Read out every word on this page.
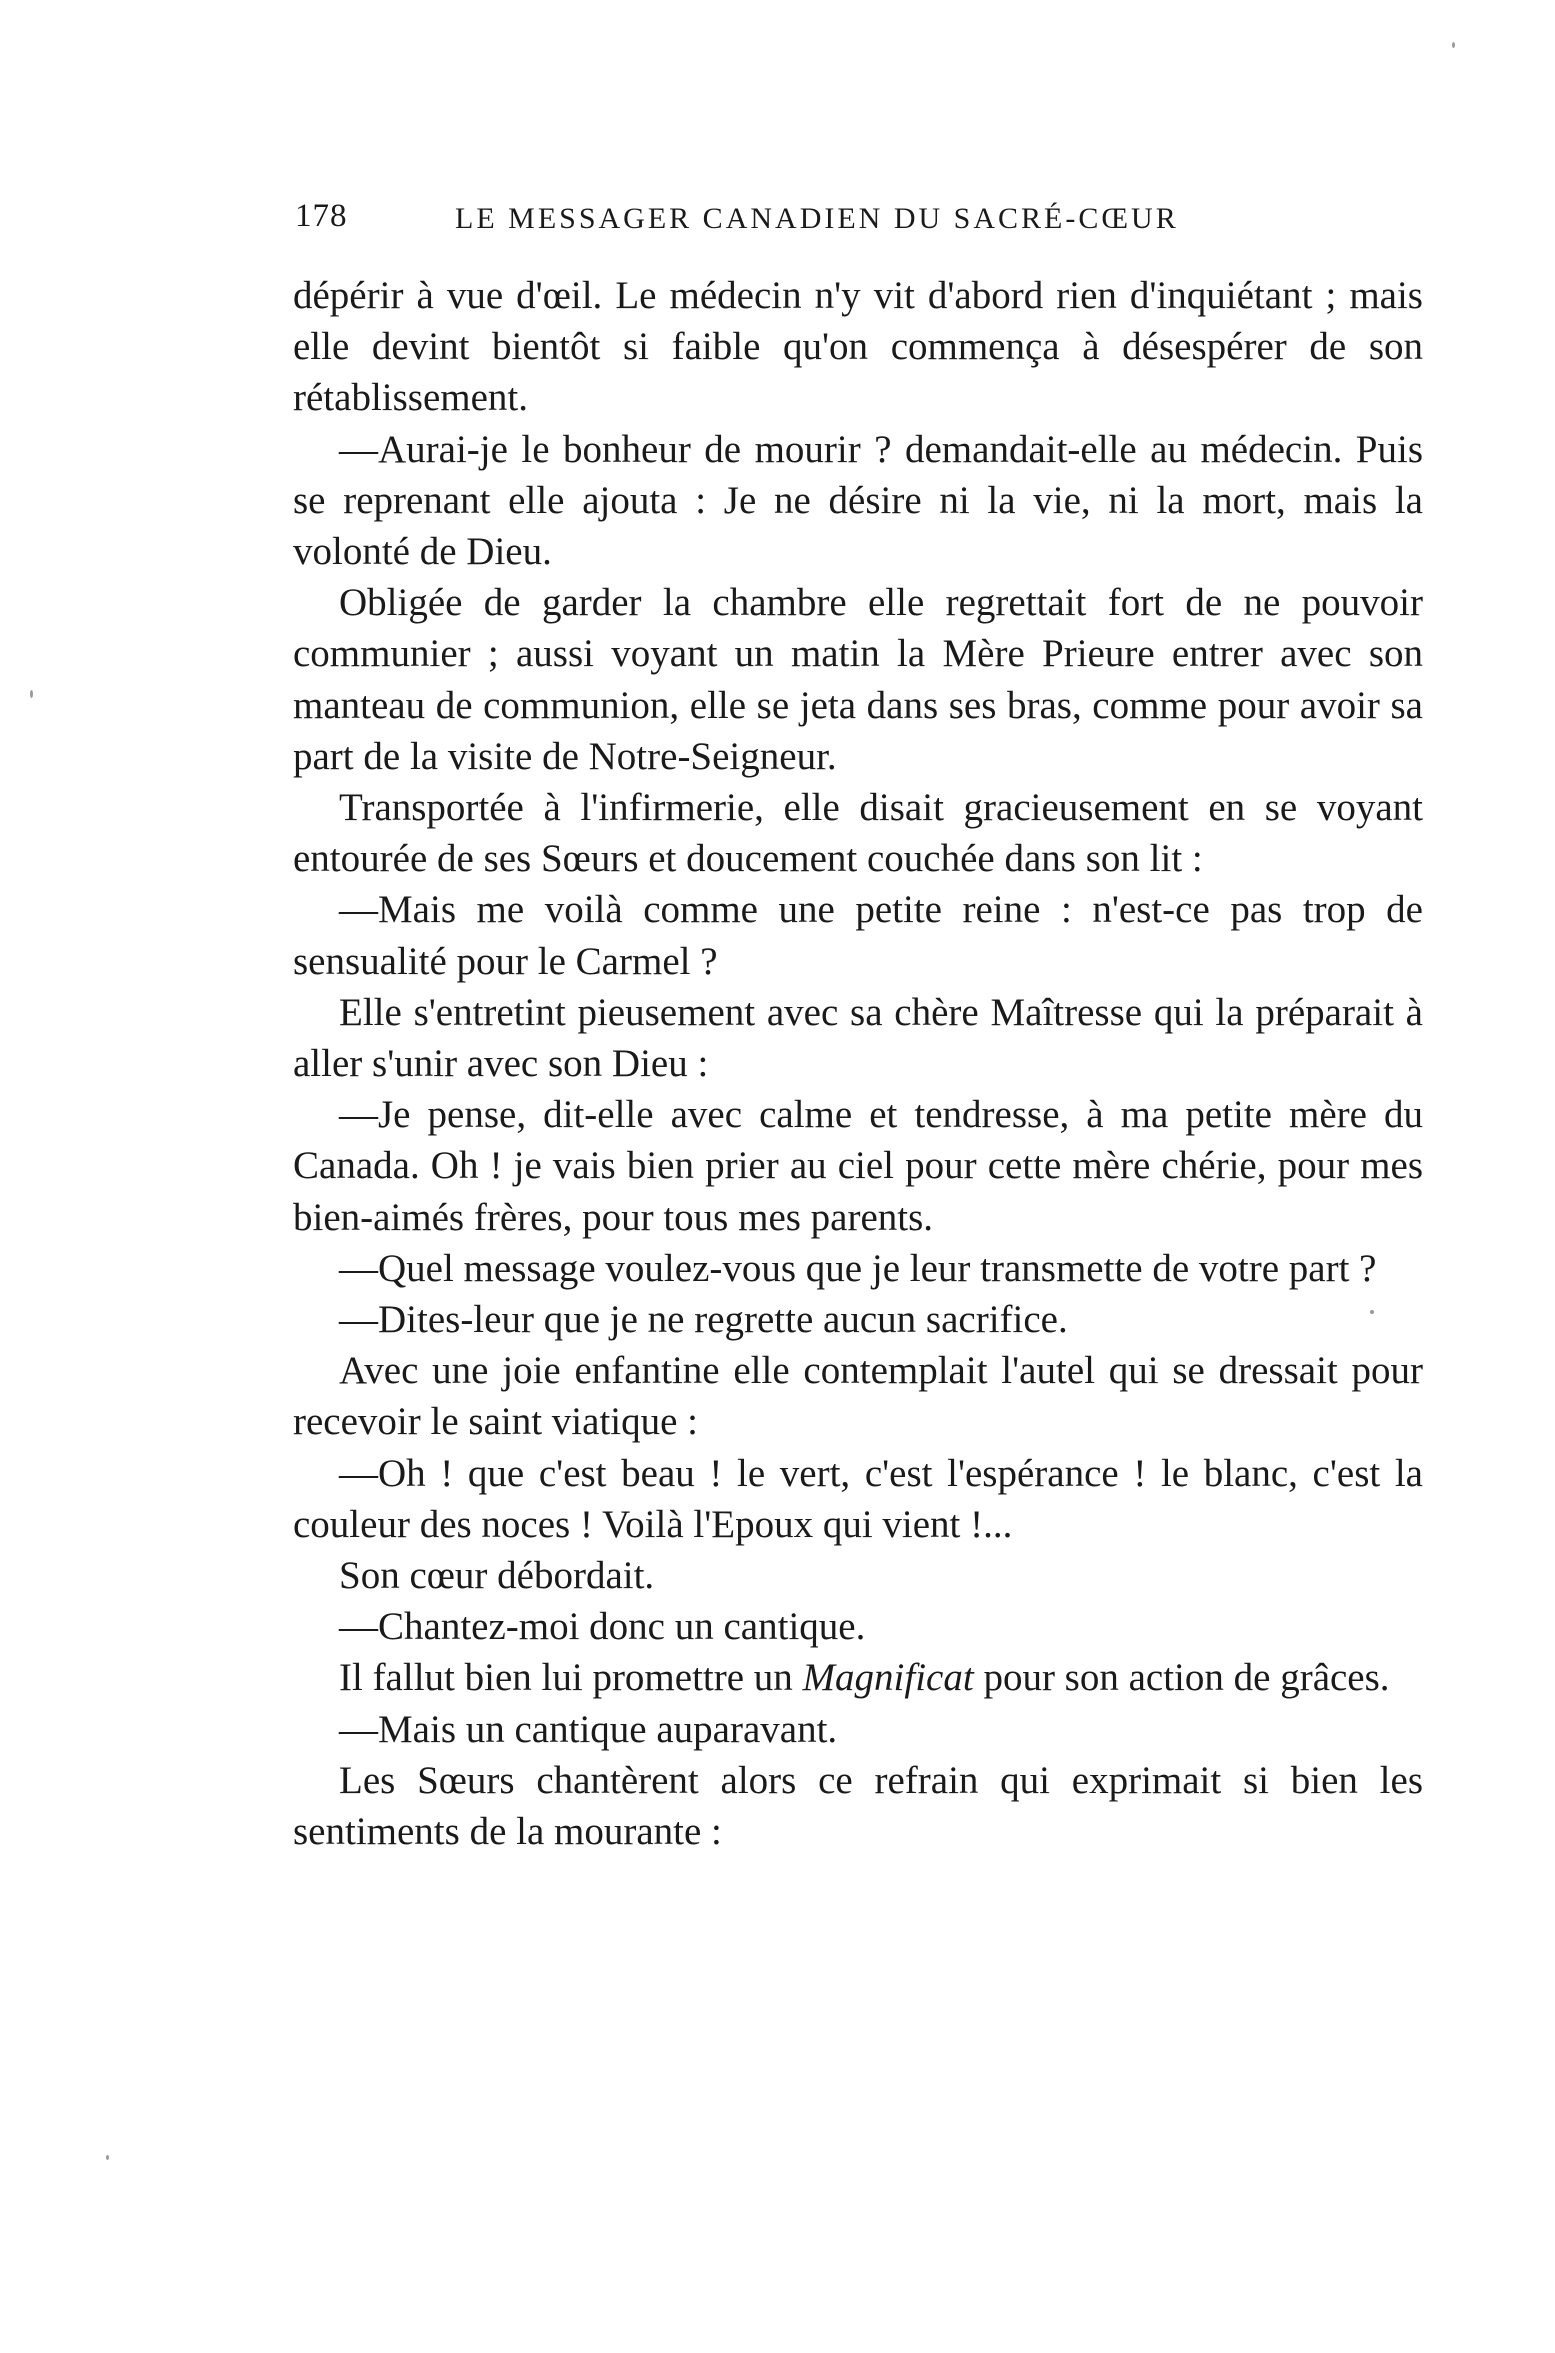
178	LE MESSAGER CANADIEN DU SACRÉ-CŒUR

dépérir à vue d'œil. Le médecin n'y vit d'abord rien d'inquiétant ; mais elle devint bientôt si faible qu'on commença à désespérer de son rétablissement.

—Aurai-je le bonheur de mourir ? demandait-elle au médecin. Puis se reprenant elle ajouta : Je ne désire ni la vie, ni la mort, mais la volonté de Dieu.

Obligée de garder la chambre elle regrettait fort de ne pouvoir communier ; aussi voyant un matin la Mère Prieure entrer avec son manteau de communion, elle se jeta dans ses bras, comme pour avoir sa part de la visite de Notre-Seigneur.

Transportée à l'infirmerie, elle disait gracieusement en se voyant entourée de ses Sœurs et doucement couchée dans son lit :

—Mais me voilà comme une petite reine : n'est-ce pas trop de sensualité pour le Carmel ?

Elle s'entretint pieusement avec sa chère Maîtresse qui la préparait à aller s'unir avec son Dieu :

—Je pense, dit-elle avec calme et tendresse, à ma petite mère du Canada. Oh ! je vais bien prier au ciel pour cette mère chérie, pour mes bien-aimés frères, pour tous mes parents.

—Quel message voulez-vous que je leur transmette de votre part ?

—Dites-leur que je ne regrette aucun sacrifice.

Avec une joie enfantine elle contemplait l'autel qui se dressait pour recevoir le saint viatique :

—Oh ! que c'est beau ! le vert, c'est l'espérance ! le blanc, c'est la couleur des noces ! Voilà l'Epoux qui vient !...

Son cœur débordait.

—Chantez-moi donc un cantique.

Il fallut bien lui promettre un Magnificat pour son action de grâces.

—Mais un cantique auparavant.

Les Sœurs chantèrent alors ce refrain qui exprimait si bien les sentiments de la mourante :
